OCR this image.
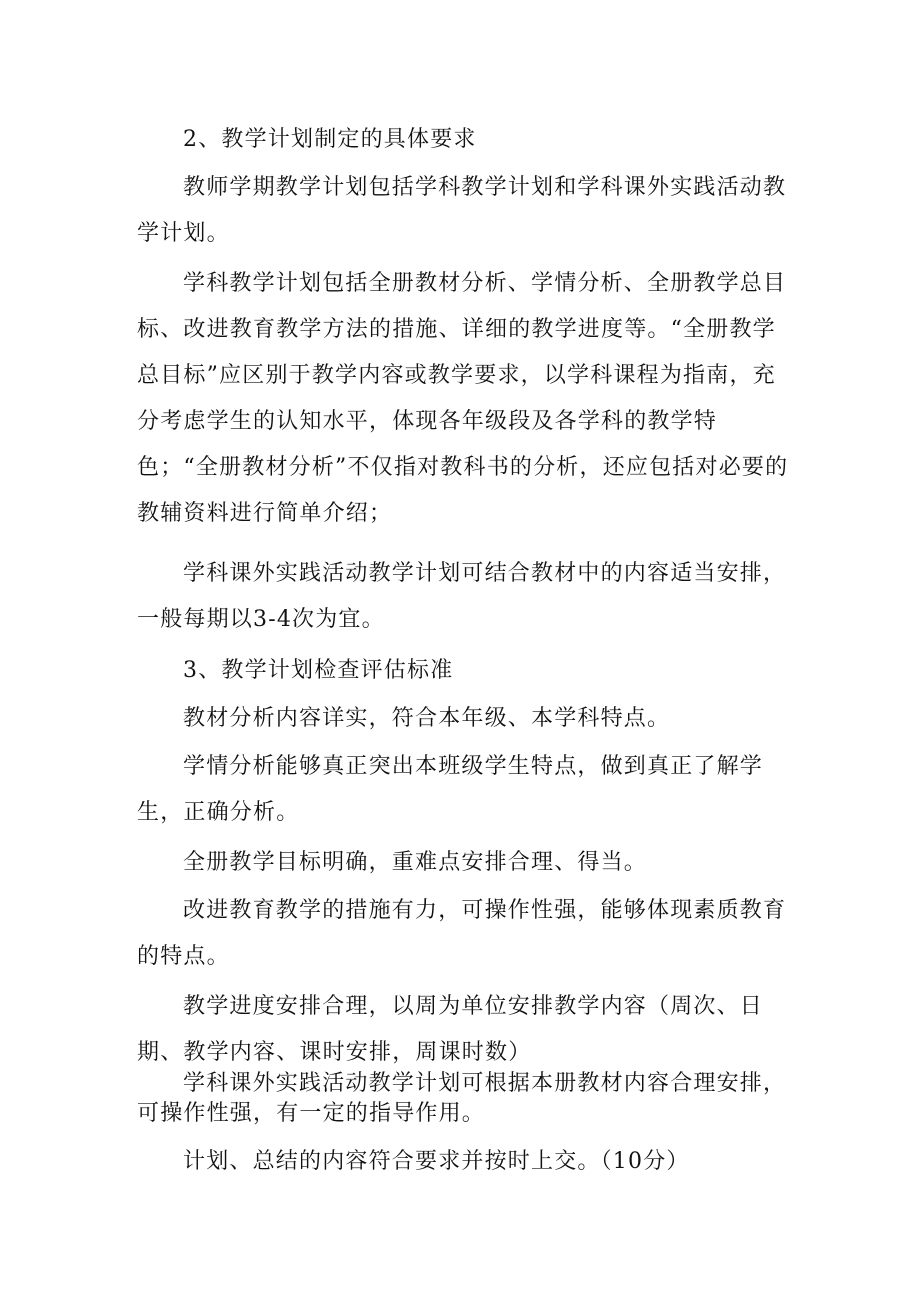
2、教学计划制定的具体要求

教师学期教学计划包括学科教学计划和学科课外实践活动教学计划。

学科教学计划包括全册教材分析、学情分析、全册教学总目标、改进教育教学方法的措施、详细的教学进度等。“全册教学总目标”应区别于教学内容或教学要求，以学科课程为指南，充分考虑学生的认知水平，体现各年级段及各学科的教学特色；“全册教材分析”不仅指对教科书的分析，还应包括对必要的教辅资料进行简单介绍；

学科课外实践活动教学计划可结合教材中的内容适当安排，一般每期以3-4次为宜。

3、教学计划检查评估标准

教材分析内容详实，符合本年级、本学科特点。

学情分析能够真正突出本班级学生特点，做到真正了解学生，正确分析。

全册教学目标明确，重难点安排合理、得当。

改进教育教学的措施有力，可操作性强，能够体现素质教育的特点。

教学进度安排合理，以周为单位安排教学内容（周次、日期、教学内容、课时安排，周课时数）

学科课外实践活动教学计划可根据本册教材内容合理安排，可操作性强，有一定的指导作用。

计划、总结的内容符合要求并按时上交。（10分）
